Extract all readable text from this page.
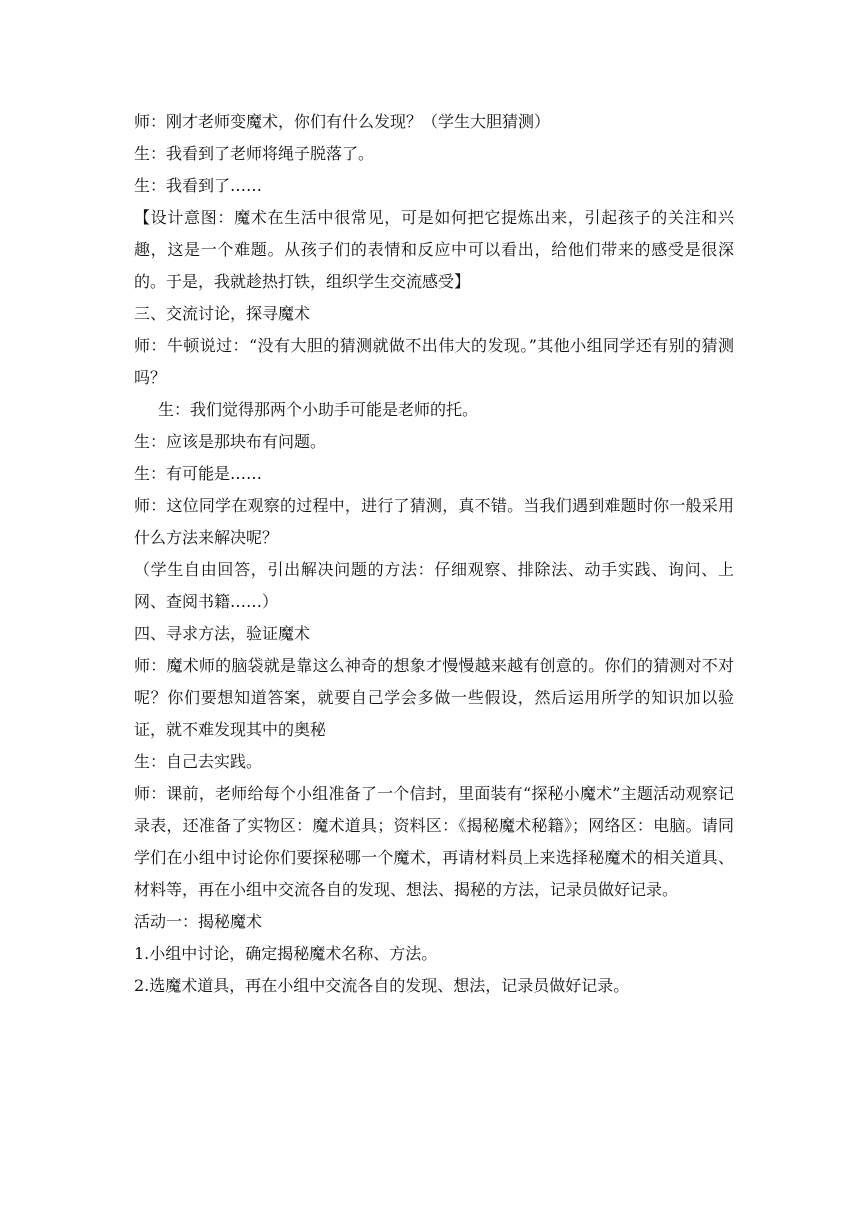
师：刚才老师变魔术，你们有什么发现？（学生大胆猜测）

生：我看到了老师将绳子脱落了。

生：我看到了……

【设计意图：魔术在生活中很常见，可是如何把它提炼出来，引起孩子的关注和兴趣，这是一个难题。从孩子们的表情和反应中可以看出，给他们带来的感受是很深的。于是，我就趁热打铁，组织学生交流感受】

三、交流讨论，探寻魔术

师：牛顿说过：“没有大胆的猜测就做不出伟大的发现。”其他小组同学还有别的猜测吗？

生：我们觉得那两个小助手可能是老师的托。

生：应该是那块布有问题。

生：有可能是……

师：这位同学在观察的过程中，进行了猜测，真不错。当我们遇到难题时你一般采用什么方法来解决呢？

（学生自由回答，引出解决问题的方法：仔细观察、排除法、动手实践、询问、上网、查阅书籍……）

四、寻求方法，验证魔术

师：魔术师的脑袋就是靠这么神奇的想象才慢慢越来越有创意的。你们的猜测对不对呢？你们要想知道答案，就要自己学会多做一些假设，然后运用所学的知识加以验证，就不难发现其中的奥秘

生：自己去实践。

师：课前，老师给每个小组准备了一个信封，里面装有“探秘小魔术”主题活动观察记录表，还准备了实物区：魔术道具；资料区：《揭秘魔术秘籍》；网络区：电脑。请同学们在小组中讨论你们要探秘哪一个魔术，再请材料员上来选择秘魔术的相关道具、材料等，再在小组中交流各自的发现、想法、揭秘的方法，记录员做好记录。

活动一：揭秘魔术

1.小组中讨论，确定揭秘魔术名称、方法。

2.选魔术道具，再在小组中交流各自的发现、想法，记录员做好记录。
